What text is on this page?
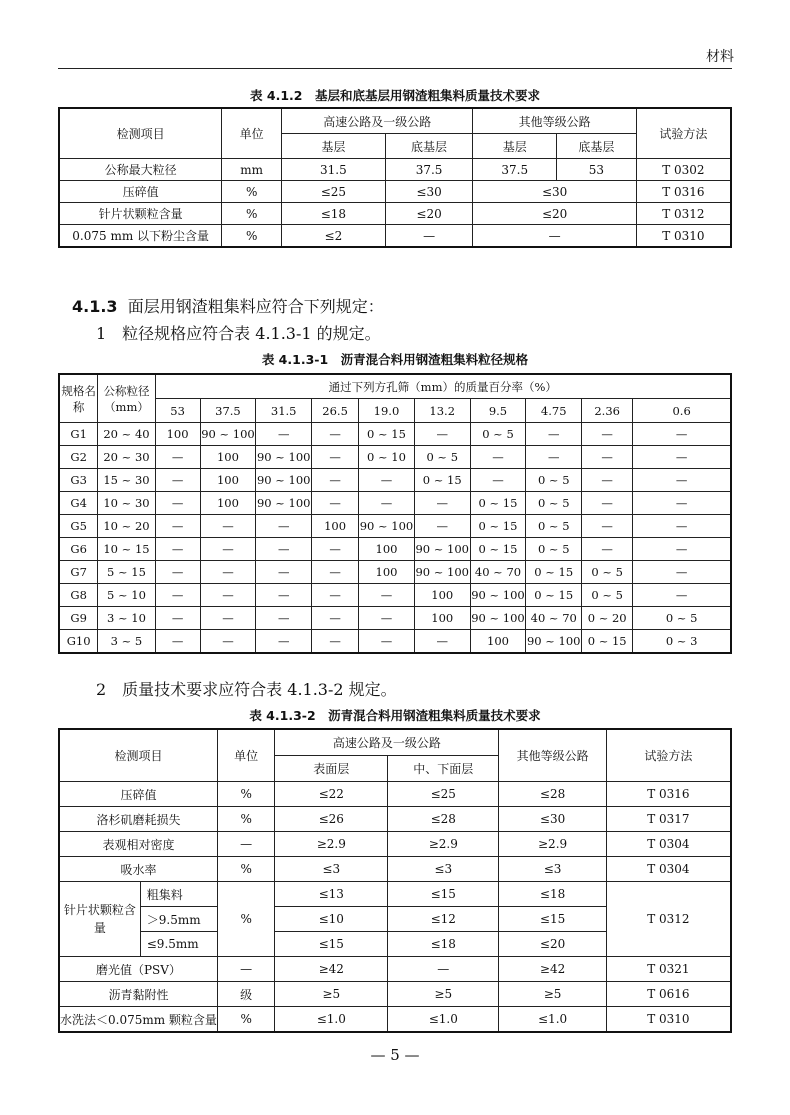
材料
表 4.1.2　基层和底基层用钢渣粗集料质量技术要求
检测项目	单位	高速公路及一级公路		其他等级公路		试验方法
		基层	底基层	基层	底基层	
公称最大粒径	mm	31.5	37.5	37.5	53	T 0302
压碎值	%	≤25	≤30	≤30		T 0316
针片状颗粒含量	%	≤18	≤20	≤20		T 0312
0.075 mm 以下粉尘含量	%	≤2	—	—		T 0310
4.1.3 面层用钢渣粗集料应符合下列规定：
1　粒径规格应符合表 4.1.3-1 的规定。
表 4.1.3-1　沥青混合料用钢渣粗集料粒径规格
规格名称	公称粒径（mm）	通过下列方孔筛（mm）的质量百分率（%）									
		53	37.5	31.5	26.5	19.0	13.2	9.5	4.75	2.36	0.6
G1	20 ~ 40	100	90 ~ 100	—	—	0 ~ 15	—	0 ~ 5	—	—	—
G2	20 ~ 30	—	100	90 ~ 100	—	0 ~ 10	0 ~ 5	—	—	—	—
G3	15 ~ 30	—	100	90 ~ 100	—	—	0 ~ 15	—	0 ~ 5	—	—
G4	10 ~ 30	—	100	90 ~ 100	—	—	—	0 ~ 15	0 ~ 5	—	—
G5	10 ~ 20	—	—	—	100	90 ~ 100	—	0 ~ 15	0 ~ 5	—	—
G6	10 ~ 15	—	—	—	—	100	90 ~ 100	0 ~ 15	0 ~ 5	—	—
G7	5 ~ 15	—	—	—	—	100	90 ~ 100	40 ~ 70	0 ~ 15	0 ~ 5	—
G8	5 ~ 10	—	—	—	—	—	100	90 ~ 100	0 ~ 15	0 ~ 5	—
G9	3 ~ 10	—	—	—	—	—	100	90 ~ 100	40 ~ 70	0 ~ 20	0 ~ 5
G10	3 ~ 5	—	—	—	—	—	—	100	90 ~ 100	0 ~ 15	0 ~ 3
2　质量技术要求应符合表 4.1.3-2 规定。
表 4.1.3-2　沥青混合料用钢渣粗集料质量技术要求
检测项目		单位	高速公路及一级公路		其他等级公路	试验方法
			表面层	中、下面层		
压碎值		%	≤22	≤25	≤28	T 0316
洛杉矶磨耗损失		%	≤26	≤28	≤30	T 0317
表观相对密度		—	≥2.9	≥2.9	≥2.9	T 0304
吸水率		%	≤3	≤3	≤3	T 0304
针片状颗粒含量	粗集料	%	≤13	≤15	≤18	T 0312
	＞9.5mm		≤10	≤12	≤15	
	≤9.5mm		≤15	≤18	≤20	
磨光值（PSV）		—	≥42	—	≥42	T 0321
沥青黏附性		级	≥5	≥5	≥5	T 0616
水洗法＜0.075mm 颗粒含量		%	≤1.0	≤1.0	≤1.0	T 0310
— 5 —
